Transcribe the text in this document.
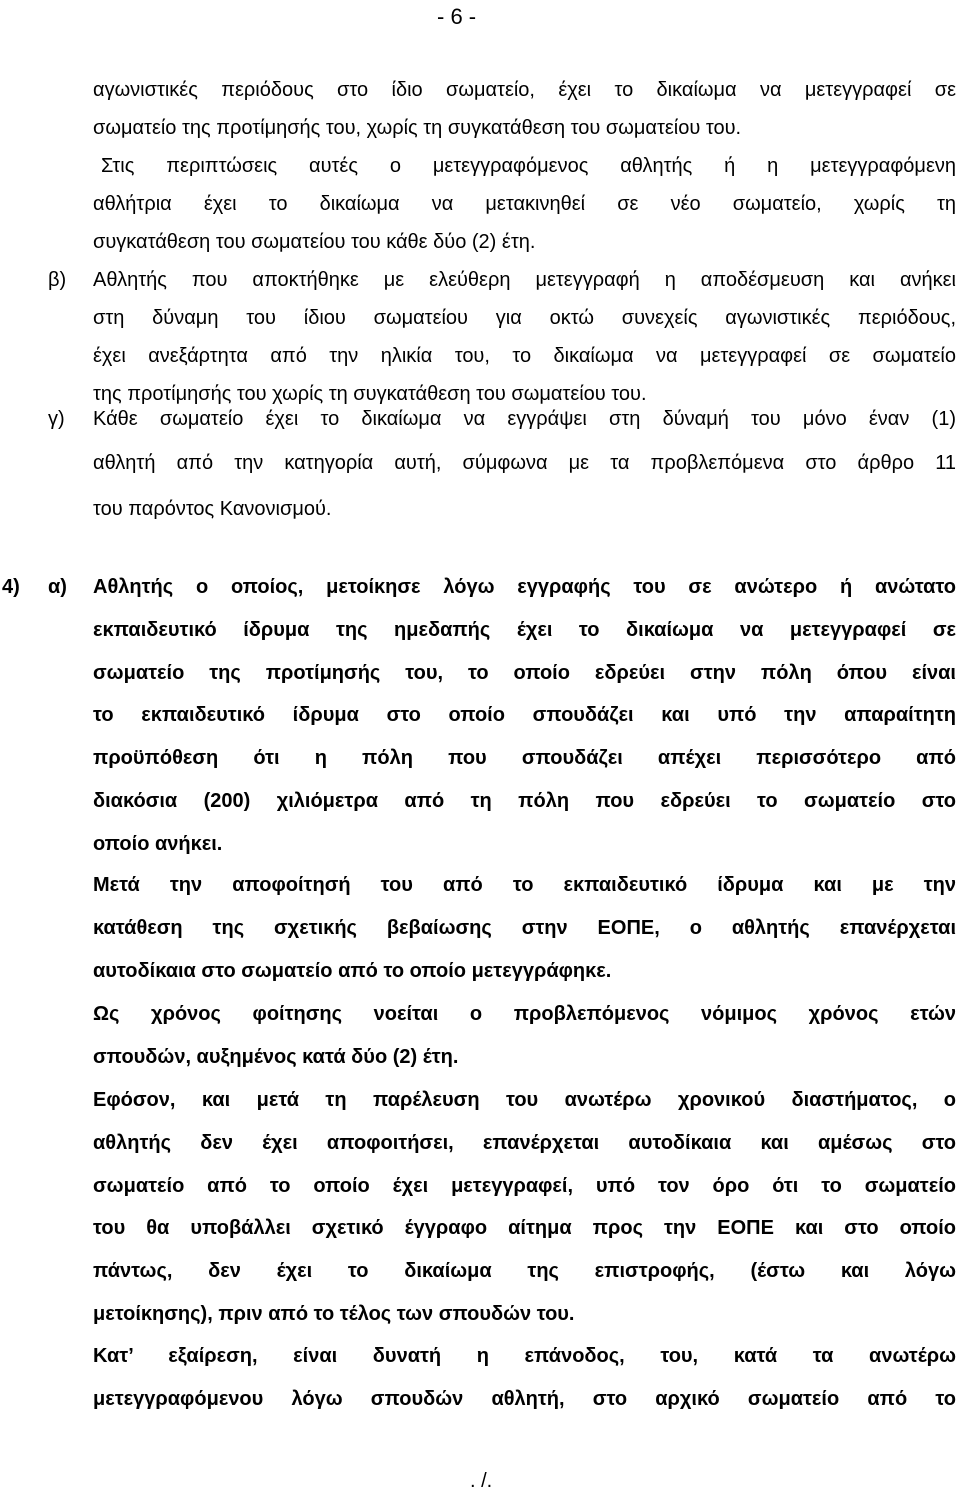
- 6 -
αγωνιστικές περιόδους στο ίδιο σωματείο, έχει το δικαίωμα να μετεγγραφεί σε
σωματείο της προτίμησής του, χωρίς τη συγκατάθεση του σωματείου του.
Στις περιπτώσεις αυτές ο μετεγγραφόμενος αθλητής ή η μετεγγραφόμενη
αθλήτρια έχει το δικαίωμα να μετακινηθεί σε νέο σωματείο, χωρίς τη
συγκατάθεση του σωματείου του κάθε δύο (2) έτη.
β) Αθλητής που αποκτήθηκε με ελεύθερη μετεγγραφή η αποδέσμευση και ανήκει
στη δύναμη του ίδιου σωματείου για οκτώ συνεχείς αγωνιστικές περιόδους,
έχει ανεξάρτητα από την ηλικία του, το δικαίωμα να μετεγγραφεί σε σωματείο
της προτίμησής του χωρίς τη συγκατάθεση του σωματείου του.
γ) Κάθε σωματείο έχει το δικαίωμα να εγγράψει στη δύναμή του μόνο έναν (1)
αθλητή από την κατηγορία αυτή, σύμφωνα με τα προβλεπόμενα στο άρθρο 11
του παρόντος Κανονισμού.
4) α) Αθλητής ο οποίος, μετοίκησε λόγω εγγραφής του σε ανώτερο ή ανώτατο
εκπαιδευτικό ίδρυμα της ημεδαπής έχει το δικαίωμα να μετεγγραφεί σε
σωματείο της προτίμησής του, το οποίο εδρεύει στην πόλη όπου είναι
το εκπαιδευτικό ίδρυμα στο οποίο σπουδάζει και υπό την απαραίτητη
προϋπόθεση ότι η πόλη που σπουδάζει απέχει περισσότερο από
διακόσια (200) χιλιόμετρα από τη πόλη που εδρεύει το σωματείο στο
οποίο ανήκει.
Μετά την αποφοίτησή του από το εκπαιδευτικό ίδρυμα και με την
κατάθεση της σχετικής βεβαίωσης στην ΕΟΠΕ, ο αθλητής επανέρχεται
αυτοδίκαια στο σωματείο από το οποίο μετεγγράφηκε.
Ως χρόνος φοίτησης νοείται ο προβλεπόμενος νόμιμος χρόνος ετών
σπουδών, αυξημένος κατά δύο (2) έτη.
Εφόσον, και μετά τη παρέλευση του ανωτέρω χρονικού διαστήματος, ο
αθλητής δεν έχει αποφοιτήσει, επανέρχεται αυτοδίκαια και αμέσως στο
σωματείο από το οποίο έχει μετεγγραφεί, υπό τον όρο ότι το σωματείο
του θα υποβάλλει σχετικό έγγραφο αίτημα προς την ΕΟΠΕ και στο οποίο
πάντως, δεν έχει το δικαίωμα της επιστροφής, (έστω και λόγω
μετοίκησης), πριν από το τέλος των σπουδών του.
Κατ’ εξαίρεση, είναι δυνατή η επάνοδος, του, κατά τα ανωτέρω
μετεγγραφόμενου λόγω σπουδών αθλητή, στο αρχικό σωματείο από το
. /.
